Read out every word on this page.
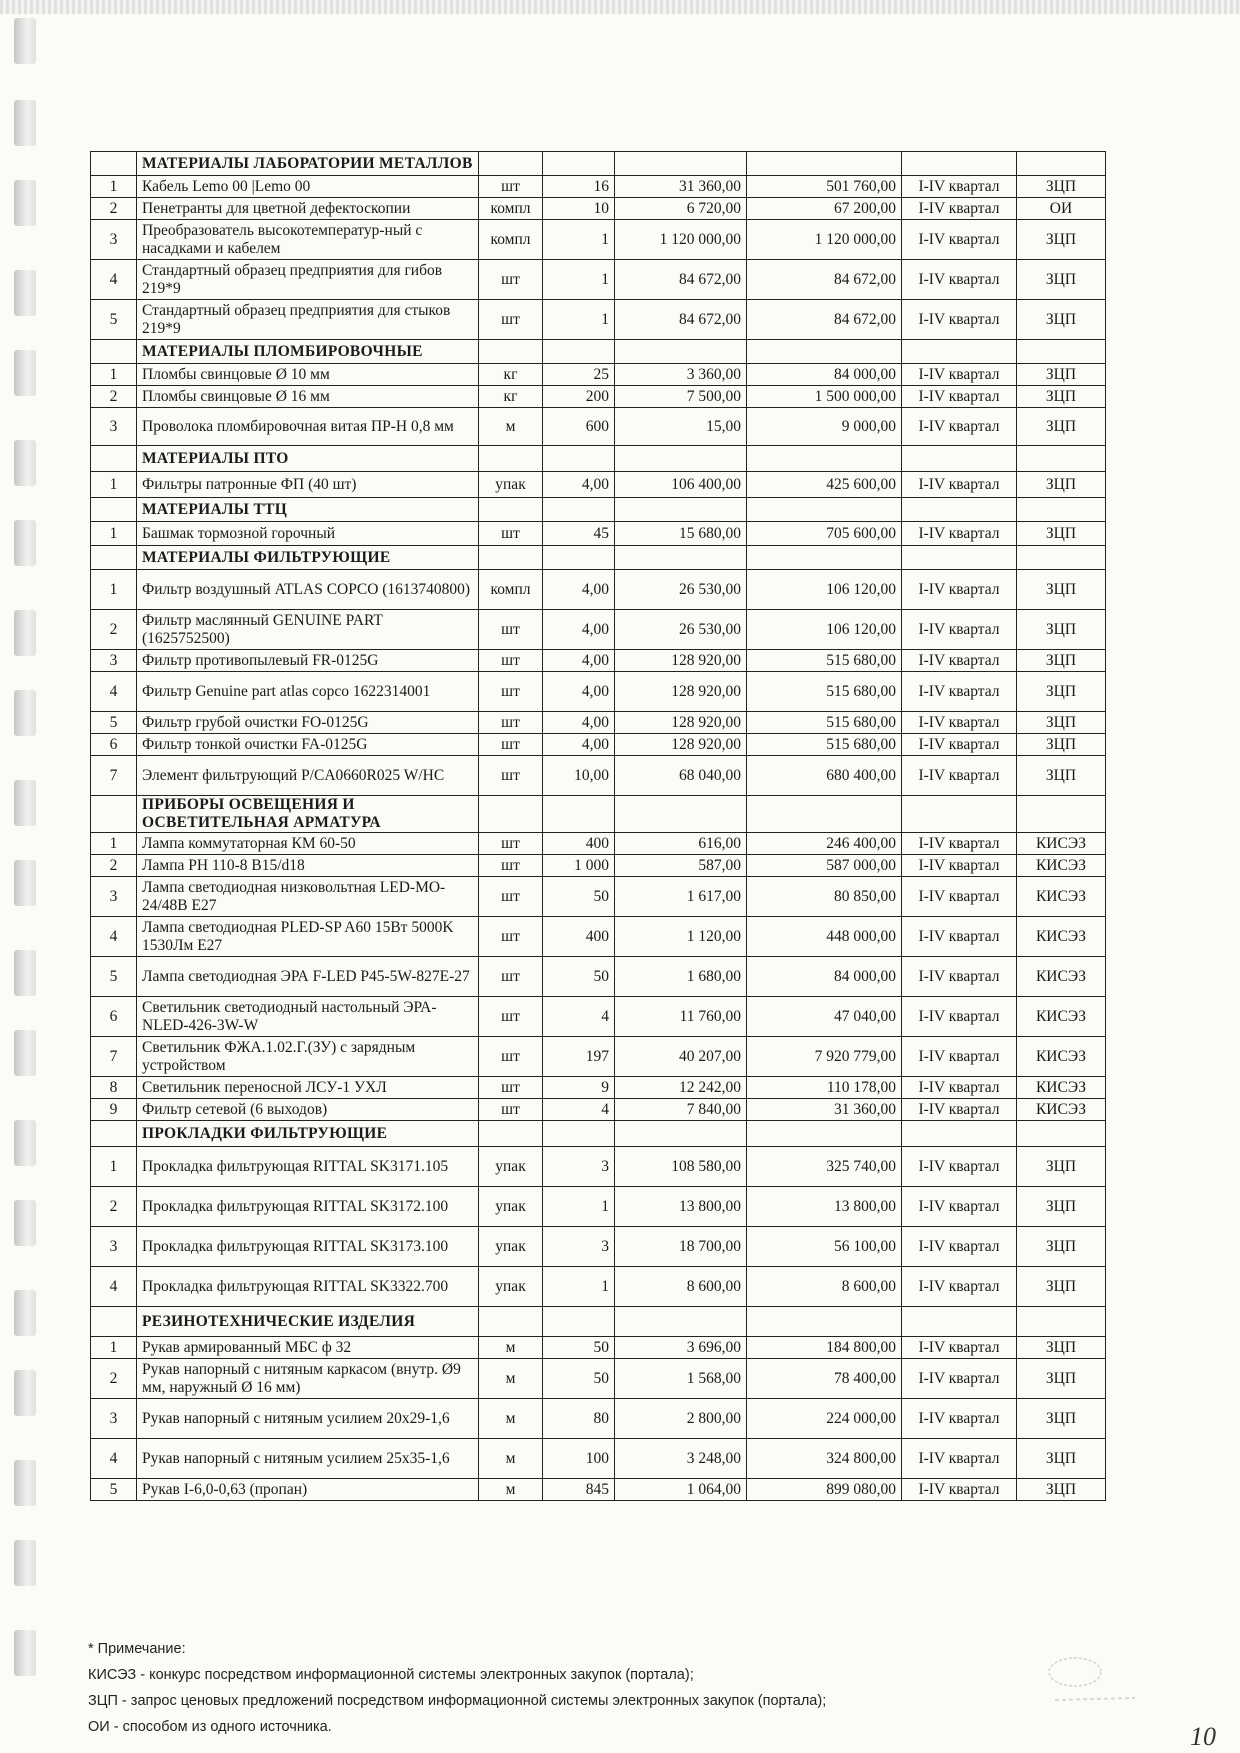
	МАТЕРИАЛЫ ЛАБОРАТОРИИ МЕТАЛЛОВ						
1	Кабель Lemo 00 |Lemo 00	шт	16	31 360,00	501 760,00	I-IV квартал	ЗЦП
2	Пенетранты для цветной дефектоскопии	компл	10	6 720,00	67 200,00	I-IV квартал	ОИ
3	Преобразователь высокотемператур-ный с насадками и кабелем	компл	1	1 120 000,00	1 120 000,00	I-IV квартал	ЗЦП
4	Стандартный образец предприятия для гибов 219*9	шт	1	84 672,00	84 672,00	I-IV квартал	ЗЦП
5	Стандартный образец предприятия для стыков 219*9	шт	1	84 672,00	84 672,00	I-IV квартал	ЗЦП
	МАТЕРИАЛЫ ПЛОМБИРОВОЧНЫЕ						
1	Пломбы свинцовые Ø 10 мм	кг	25	3 360,00	84 000,00	I-IV квартал	ЗЦП
2	Пломбы свинцовые Ø 16 мм	кг	200	7 500,00	1 500 000,00	I-IV квартал	ЗЦП
3	Проволока пломбировочная витая ПР-Н 0,8 мм	м	600	15,00	9 000,00	I-IV квартал	ЗЦП
	МАТЕРИАЛЫ ПТО						
1	Фильтры патронные ФП (40 шт)	упак	4,00	106 400,00	425 600,00	I-IV квартал	ЗЦП
	МАТЕРИАЛЫ ТТЦ						
1	Башмак тормозной горочный	шт	45	15 680,00	705 600,00	I-IV квартал	ЗЦП
	МАТЕРИАЛЫ ФИЛЬТРУЮЩИЕ						
1	Фильтр воздушный ATLAS COPCO (1613740800)	компл	4,00	26 530,00	106 120,00	I-IV квартал	ЗЦП
2	Фильтр маслянный GENUINE PART (1625752500)	шт	4,00	26 530,00	106 120,00	I-IV квартал	ЗЦП
3	Фильтр противопылевый FR-0125G	шт	4,00	128 920,00	515 680,00	I-IV квартал	ЗЦП
4	Фильтр Genuine part atlas copco 1622314001	шт	4,00	128 920,00	515 680,00	I-IV квартал	ЗЦП
5	Фильтр грубой очистки FO-0125G	шт	4,00	128 920,00	515 680,00	I-IV квартал	ЗЦП
6	Фильтр тонкой очистки FA-0125G	шт	4,00	128 920,00	515 680,00	I-IV квартал	ЗЦП
7	Элемент фильтрующий P/CA0660R025 W/HC	шт	10,00	68 040,00	680 400,00	I-IV квартал	ЗЦП
	ПРИБОРЫ ОСВЕЩЕНИЯ И ОСВЕТИТЕЛЬНАЯ АРМАТУРА						
1	Лампа коммутаторная КМ 60-50	шт	400	616,00	246 400,00	I-IV квартал	КИСЭЗ
2	Лампа РН 110-8 В15/d18	шт	1 000	587,00	587 000,00	I-IV квартал	КИСЭЗ
3	Лампа светодиодная низковольтная LED-MO-24/48В Е27	шт	50	1 617,00	80 850,00	I-IV квартал	КИСЭЗ
4	Лампа светодиодная PLED-SP A60 15Вт 5000K 1530Лм Е27	шт	400	1 120,00	448 000,00	I-IV квартал	КИСЭЗ
5	Лампа светодиодная ЭРА F-LED P45-5W-827E-27	шт	50	1 680,00	84 000,00	I-IV квартал	КИСЭЗ
6	Светильник светодиодный настольный ЭРА-NLED-426-3W-W	шт	4	11 760,00	47 040,00	I-IV квартал	КИСЭЗ
7	Светильник ФЖА.1.02.Г.(ЗУ) с зарядным устройством	шт	197	40 207,00	7 920 779,00	I-IV квартал	КИСЭЗ
8	Светильник переносной ЛСУ-1 УХЛ	шт	9	12 242,00	110 178,00	I-IV квартал	КИСЭЗ
9	Фильтр сетевой (6 выходов)	шт	4	7 840,00	31 360,00	I-IV квартал	КИСЭЗ
	ПРОКЛАДКИ ФИЛЬТРУЮЩИЕ						
1	Прокладка фильтрующая RITTAL SK3171.105	упак	3	108 580,00	325 740,00	I-IV квартал	ЗЦП
2	Прокладка фильтрующая RITTAL SK3172.100	упак	1	13 800,00	13 800,00	I-IV квартал	ЗЦП
3	Прокладка фильтрующая RITTAL SK3173.100	упак	3	18 700,00	56 100,00	I-IV квартал	ЗЦП
4	Прокладка фильтрующая RITTAL SK3322.700	упак	1	8 600,00	8 600,00	I-IV квартал	ЗЦП
	РЕЗИНОТЕХНИЧЕСКИЕ ИЗДЕЛИЯ						
1	Рукав армированный МБС ф 32	м	50	3 696,00	184 800,00	I-IV квартал	ЗЦП
2	Рукав напорный с нитяным каркасом (внутр. Ø9 мм, наружный Ø 16 мм)	м	50	1 568,00	78 400,00	I-IV квартал	ЗЦП
3	Рукав напорный с нитяным усилием 20х29-1,6	м	80	2 800,00	224 000,00	I-IV квартал	ЗЦП
4	Рукав напорный с нитяным усилием 25х35-1,6	м	100	3 248,00	324 800,00	I-IV квартал	ЗЦП
5	Рукав I-6,0-0,63 (пропан)	м	845	1 064,00	899 080,00	I-IV квартал	ЗЦП
* Примечание:
КИСЭЗ - конкурс посредством информационной системы электронных закупок (портала);
ЗЦП - запрос ценовых предложений посредством информационной системы электронных закупок (портала);
ОИ - способом из одного источника.	10
